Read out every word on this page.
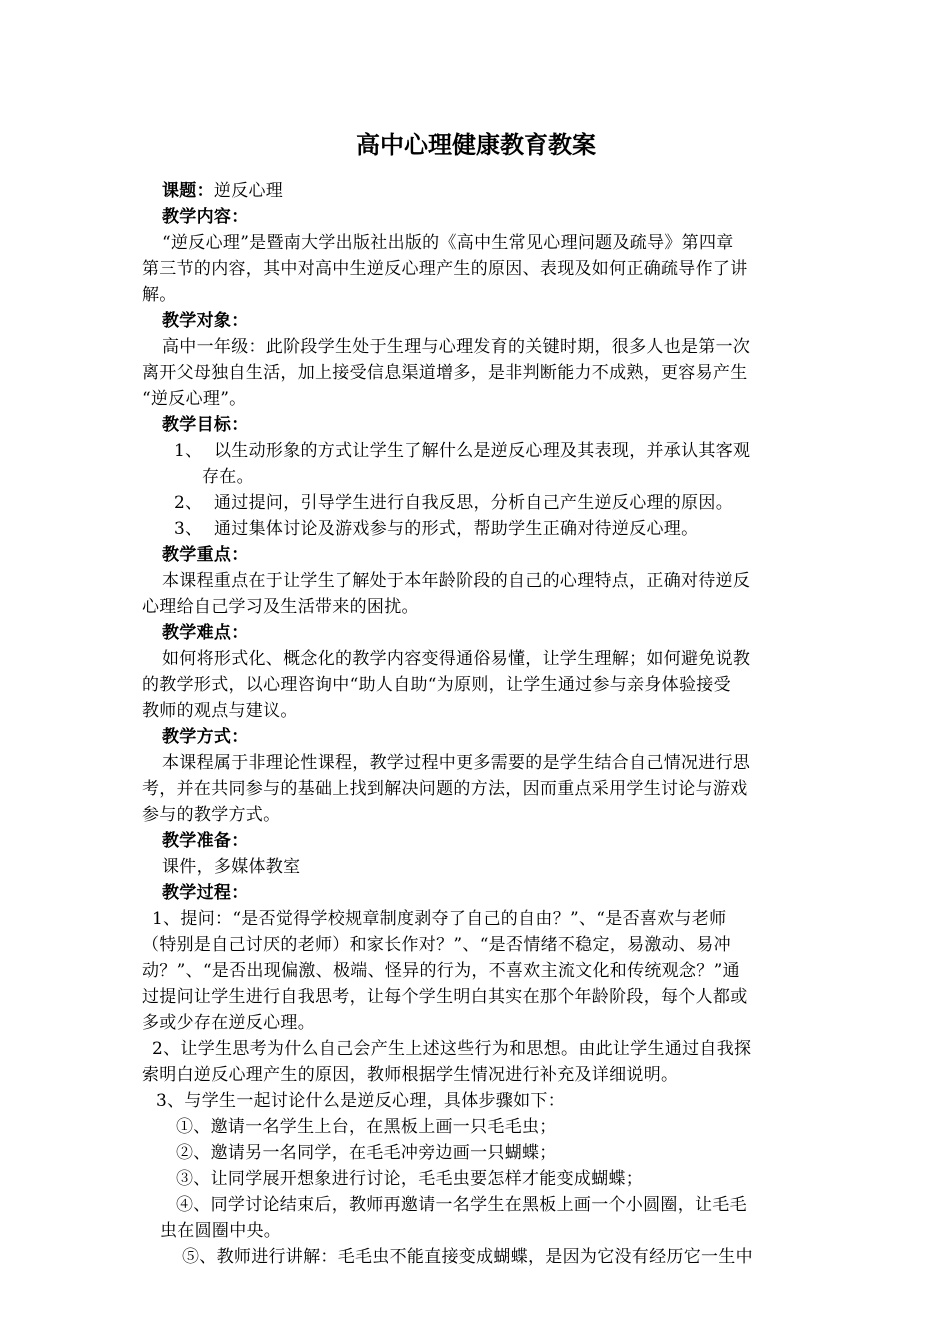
高中心理健康教育教案

课题：逆反心理

教学内容：

“逆反心理”是暨南大学出版社出版的《高中生常见心理问题及疏导》第四章

第三节的内容，其中对高中生逆反心理产生的原因、表现及如何正确疏导作了讲

解。

教学对象：

高中一年级：此阶段学生处于生理与心理发育的关键时期，很多人也是第一次

离开父母独自生活，加上接受信息渠道增多，是非判断能力不成熟，更容易产生

“逆反心理”。

教学目标：

1、 以生动形象的方式让学生了解什么是逆反心理及其表现，并承认其客观

存在。

2、 通过提问，引导学生进行自我反思，分析自己产生逆反心理的原因。

3、 通过集体讨论及游戏参与的形式，帮助学生正确对待逆反心理。

教学重点：

本课程重点在于让学生了解处于本年龄阶段的自己的心理特点，正确对待逆反

心理给自己学习及生活带来的困扰。

教学难点：

如何将形式化、概念化的教学内容变得通俗易懂，让学生理解；如何避免说教

的教学形式，以心理咨询中“助人自助“为原则，让学生通过参与亲身体验接受

教师的观点与建议。

教学方式：

本课程属于非理论性课程，教学过程中更多需要的是学生结合自己情况进行思

考，并在共同参与的基础上找到解决问题的方法，因而重点采用学生讨论与游戏

参与的教学方式。

教学准备：

课件，多媒体教室

教学过程：

1、提问：“是否觉得学校规章制度剥夺了自己的自由？”、“是否喜欢与老师

（特别是自己讨厌的老师）和家长作对？”、“是否情绪不稳定，易激动、易冲

动？”、“是否出现偏激、极端、怪异的行为，不喜欢主流文化和传统观念？”通

过提问让学生进行自我思考，让每个学生明白其实在那个年龄阶段，每个人都或

多或少存在逆反心理。

2、让学生思考为什么自己会产生上述这些行为和思想。由此让学生通过自我探

索明白逆反心理产生的原因，教师根据学生情况进行补充及详细说明。

3、与学生一起讨论什么是逆反心理，具体步骤如下：

①、邀请一名学生上台，在黑板上画一只毛毛虫；

②、邀请另一名同学，在毛毛冲旁边画一只蝴蝶；

③、让同学展开想象进行讨论，毛毛虫要怎样才能变成蝴蝶；

④、同学讨论结束后，教师再邀请一名学生在黑板上画一个小圆圈，让毛毛

虫在圆圈中央。

⑤、教师进行讲解：毛毛虫不能直接变成蝴蝶，是因为它没有经历它一生中
